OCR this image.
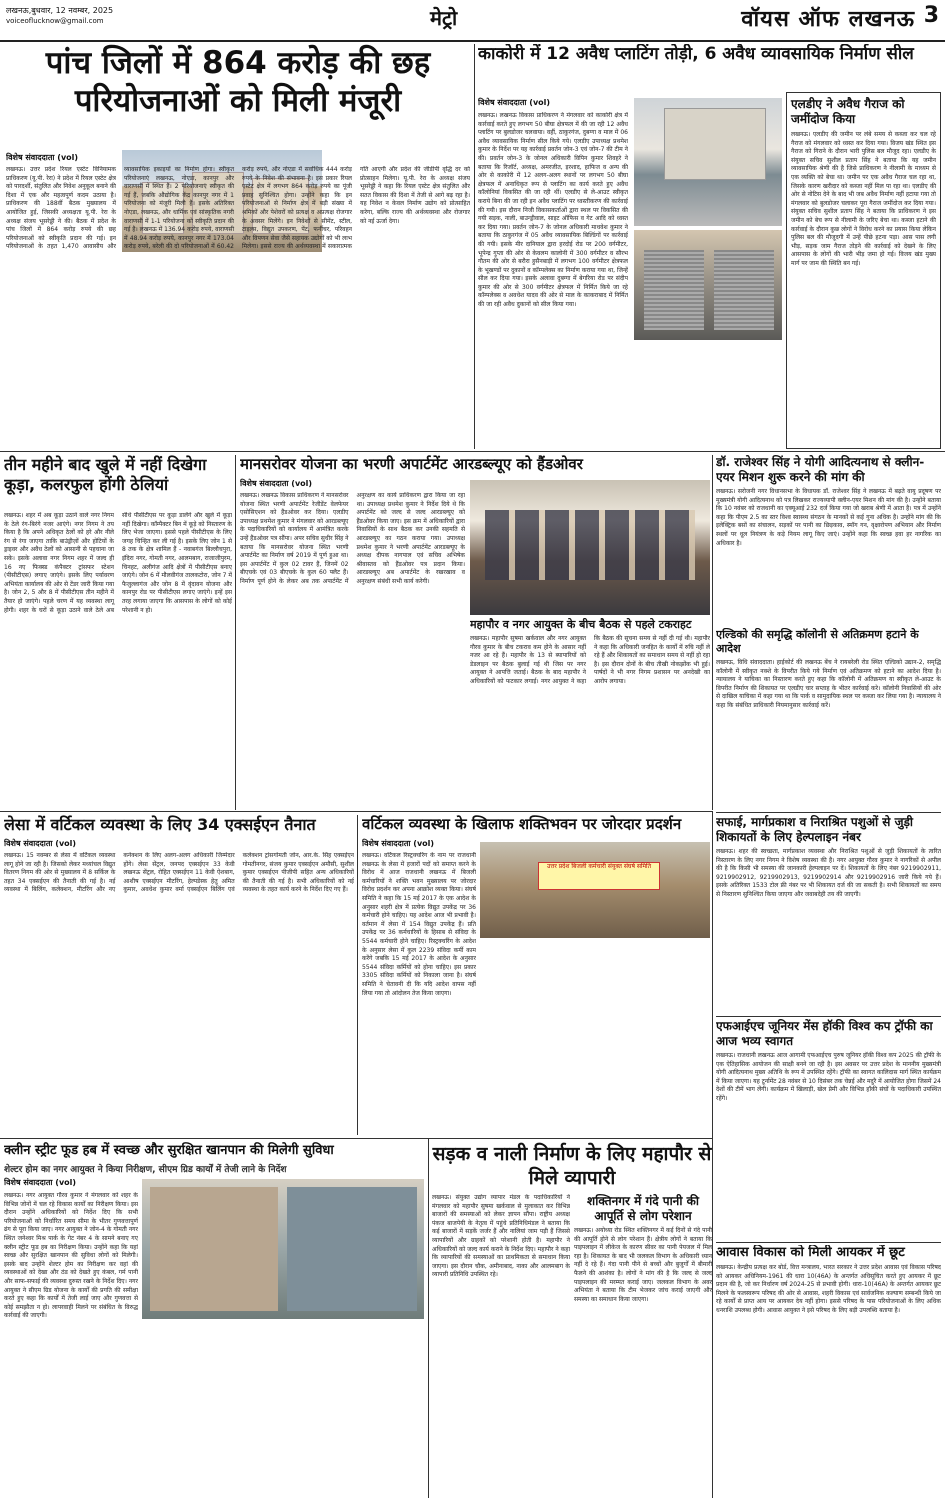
लखनऊ,बुधवार, 12 नवम्बर, 2025
voiceoflucknow@gmail.com	मेट्रो	वॉयस ऑफ लखनऊ 3
पांच जिलों में 864 करोड़ की छह परियोजनाओं को मिली मंजूरी
विशेष संवाददाता (vol)
लखनऊ। उत्तर प्रदेश रियल एस्टेट विनियामक प्राधिकरण (यू.पी. रेरा) ने प्रदेश में रियल एस्टेट क्षेत्र को पारदर्शी, संतुलित और निवेश अनुकूल बनाने की दिशा में एक और महत्वपूर्ण कदम उठाया है। प्राधिकरण की 188वीं बैठक मुख्यालय में आयोजित हुई, जिसकी अध्यक्षता यू.पी. रेरा के अध्यक्ष संजय भूसरेड्डी ने की। बैठक में प्रदेश के पांच जिलों में 864 करोड़ रुपये की छह परियोजनाओं को स्वीकृति प्रदान की गई। इन परियोजनाओं के तहत 1,470 आवासीय और व्यावसायिक इकाइयों का निर्माण होगा। स्वीकृत परियोजनाएं लखनऊ, नोएडा, कानपुर और वाराणसी में स्थित हैं। 2 परियोजनाएं स्वीकृत की गई हैं, जबकि औद्योगिक केंद्र कानपुर नगर में 1 परियोजना को मंजूरी मिली है। इसके अतिरिक्त नोएडा, लखनऊ, और धार्मिक एवं सांस्कृतिक नगरी वाराणसी में 1-1 परियोजना को स्वीकृति प्रदान की गई है। लखनऊ में 136.94 करोड़ रुपये, वाराणसी में 48.94 करोड़ रुपये, कानपुर नगर में 173.04 करोड़ रुपये, बरेली की दो परियोजनाओं में 60.42 करोड़ रुपये, और नोएडा में सर्वाधिक 444 करोड़ रुपये के निवेश की संभावना है। इस प्रकार रियल एस्टेट क्षेत्र में लगभग 864 करोड़ रुपये का पूंजी प्रवाह सुनिश्चित होगा। उन्होंने कहा कि इन परियोजनाओं से निर्माण क्षेत्र में बड़ी संख्या में श्रमिकों और पेशेवरों को प्रत्यक्ष व अप्रत्यक्ष रोजगार के अवसर मिलेंगे। इन निवेशों से सीमेंट, स्टील, टाइल्स, विद्युत उपकरण, पेंट, फर्नीचर, परिवहन और विपणन सेवा जैसे सहायक उद्योगों को भी लाभ मिलेगा। इससे राज्य की अर्थव्यवस्था में सकारात्मक गति आएगी और प्रदेश की जीडीपी वृद्धि दर को प्रोत्साहन मिलेगा। यू.पी. रेरा के अध्यक्ष संजय भूसरेड्डी ने कहा कि रियल एस्टेट क्षेत्र संतुलित और सतत विकास की दिशा में तेजी से आगे बढ़ रहा है। यह निवेश न केवल निर्माण उद्योग को प्रोत्साहित करेगा, बल्कि राज्य की अर्थव्यवस्था और रोजगार को नई ऊर्जा देगा।
काकोरी में 12 अवैध प्लाटिंग तोड़ी, 6 अवैध व्यावसायिक निर्माण सील
विशेष संवाददाता (vol)
लखनऊ। लखनऊ विकास प्राधिकरण ने मंगलवार को काकोरी क्षेत्र में कार्रवाई करते हुए लगभग 50 बीघा क्षेत्रफल में की जा रही 12 अवैध प्लाटिंग पर बुलडोजर चलवाया। वहीं, ठाकुरगंज, दुबग्गा व माल में 06 अवैध व्यावसायिक निर्माण सील किये गये। एलडीए उपाध्यक्ष प्रथमेश कुमार के निर्देश पर यह कार्रवाई प्रवर्तन जोन-3 एवं जोन-7 की टीम ने की। प्रवर्तन जोन-3 के जोनल अधिकारी विपिन कुमार शिवहरे ने बताया कि रिजॉर्ट, अध्यक्ष, अमरजीत, इरशाद, हाफिज व अन्य की ओर से काकोरी में 12 अलग-अलग स्थानों पर लगभग 50 बीघा क्षेत्रफल में अनाधिकृत रूप से प्लाटिंग का कार्य करते हुए अवैध कॉलोनियां विकसित की जा रही थीं। एलडीए से ले-आउट स्वीकृत कराये बिना की जा रही इन अवैध प्लाटिंग पर ध्वस्तीकरण की कार्रवाई की गयी। इस दौरान निजी विकासकर्ताओं द्वारा स्थल पर विकसित की गयी सड़क, नाली, बाउन्ड्रीवाल, साइट ऑफिस व गेट आदि को ध्वस्त कर दिया गया। प्रवर्तन जोन-7 के जोनल अधिकारी माधवेश कुमार ने बताया कि ठाकुरगंज में 05 अवैध व्यावसायिक बिल्डिंगों पर कार्रवाई की गयी। इसके मीर दानियाल द्वारा हरदोई रोड पर 200 वर्गमीटर, भूपेन्द्र गुप्ता की ओर से केवलम कालोनी में 300 वर्गमीटर व सौरभ गौतम की ओर से बरौरा हुसैनबाड़ी में लगभग 100 वर्गमीटर क्षेत्रफल के भूखण्डों पर दुकानों व कॉम्पलेक्स का निर्माण कराया गया था, जिन्हें सील कर दिया गया। इसके अलावा दुबग्गा में बेगरिया रोड पर संदीप कुमार की ओर से 300 वर्गमीटर क्षेत्रफल में निर्मित किये जा रहे कॉम्पलेक्स व अवधेश यादव की ओर से माल के काकराबाद में निर्मित की जा रही अवैध दुकानों को सील किया गया।
एलडीए ने अवैध गैराज को जमींदोज किया
लखनऊ। एलडीए की जमीन पर लंबे समय से कब्जा कर चल रहे गैराज को मंगलवार को ध्वस्त कर दिया गया। विजय खंड स्थित इस गैराज को गिराने के दौरान भारी पुलिस बल मौजूद रहा। एलडीए के संयुक्त सचिव सुशील प्रताप सिंह ने बताया कि यह जमीन व्यावसायिक श्रेणी की है जिसे प्राधिकरण ने नीलामी के माध्यम से एक व्यक्ति को बेचा था। जमीन पर एक अवैध गैराज चल रहा था, जिसके कारण खरीदार को कब्जा नहीं मिल पा रहा था। एलडीए की ओर से नोटिस देने के बाद भी जब अवैध निर्माण नहीं हटाया गया तो मंगलवार को बुलडोजर चलाकर पूरा गैराज जमींदोज कर दिया गया। संयुक्त सचिव सुशील प्रताप सिंह ने बताया कि प्राधिकरण ने इस जमीन को बेच रूप से नीलामी के जरिए बेचा था। कब्जा हटाने की कार्रवाई के दौरान कुछ लोगों ने विरोध करने का प्रयास किया लेकिन पुलिस बल की मौजूदगी में उन्हें पीछे हटना पड़ा। आस पास लगी भीड़, सड़क जाम गैराज तोड़ने की कार्रवाई को देखने के लिए आसपास के लोगों की भारी भीड़ जमा हो गई। विजय खंड मुख्य मार्ग पर जाम की स्थिति बन गई।
तीन महीने बाद खुले में नहीं दिखेगा कूड़ा, कलरफुल होंगी ठेलियां
लखनऊ। शहर में अब कूड़ा उठाने वाले नगर निगम के ठेले रंग-बिरंगे नजर आएंगे। नगर निगम ने तय किया है कि अपने अधिकृत ठेलों को हरे और नीले रंग से रंगा जाएगा ताकि बाउंड्रीज़ों और होटियों के ड्राइवर और अवैध ठेलों को आसानी से पहचाना जा सके। इसके अलावा नगर निगम शहर में जल्द ही 16 नए फिक्स्ड कंपैक्टर ट्रांसफर स्टेशन (पीसीटीएस) लगाए जाएंगे। इसके लिए पर्यावरण अभियंता कार्यालय की ओर से टेंडर जारी किया गया है। जोन 2, 5 और 8 में पीसीटीएस तीन महीने में तैयार हो जाएंगे। पहले चरण में यह व्यवस्था लागू होगी। शहर के घरों से कूड़ा उठाने वाले ठेले अब सीधे पीसीटीएस पर कूड़ा डालेंगे और खुले में कूड़ा नहीं दिखेगा। कॉम्पैक्टर बिन में कूड़े को निस्तारण के लिए भेजा जाएगा। इससे पहले पीसीटीएस के लिए जगह चिन्हित कर ली गई है। इसके लिए जोन 1 से 8 तक के क्षेत्र शामिल हैं - नवाबगंज बिल्लौचपुरा, इंदिरा नगर, गोमती नगर, आलमबाग, राजाजीपुरम, चिनहट, अलीगंज आदि क्षेत्रों में पीसीटीएस बनाए जाएंगे। जोन 6 में मौलवीगंज तालकटोरा, जोन 7 में फैजुल्लागंज और जोन 8 में वृंदावन योजना और कानपुर रोड पर पीसीटीएस लगाए जाएंगे। इन्हें इस तरह लगाया जाएगा कि आसपास के लोगों को कोई परेशानी न हो।
मानसरोवर योजना का भरणी अपार्टमेंट आरडब्ल्यूए को हैंडओवर
विशेष संवाददाता (vol)
लखनऊ। लखनऊ विकास प्राधिकरण ने मानसरोवर योजना स्थित भरणी अपार्टमेंट रेजीडेंट वेलफेयर एसोसिएशन को हैंडओवर कर दिया। एलडीए उपाध्यक्ष प्रथमेश कुमार ने मंगलवार को आरडब्ल्यूए के पदाधिकारियों को कार्यालय में आमंत्रित करके उन्हें हैंडओवर पत्र सौंपा। अपर सचिव सुधीर सिंह ने बताया कि मानसरोवर योजना स्थित भरणी अपार्टमेंट का निर्माण वर्ष 2019 में पूर्ण हुआ था। इस अपार्टमेंट में कुल 02 टावर हैं, जिनमें 02 बीएचके एवं 03 बीएचके के कुल 60 फ्लैट हैं। निर्माण पूर्ण होने के लेकर अब तक अपार्टमेंट में अनुरक्षण का कार्य प्राधिकरण द्वारा किया जा रहा था। उपाध्यक्ष प्रथमेश कुमार ने निर्देश दिये थे कि अपार्टमेंट को जल्द से जल्द आरडब्ल्यूए को हैंडओवर किया जाए। इस क्रम में अधिकारियों द्वारा निवासियों के साथ बैठक कर उनकी सहमति से आरडब्ल्यूए का गठन कराया गया। उपाध्यक्ष प्रथमेश कुमार ने भरणी अपार्टमेंट आरडब्ल्यूए के अध्यक्ष दीपक नागपाल एवं सचिव अभिषेक श्रीवास्तव को हैंडओवर पत्र प्रदान किया। आरडब्ल्यूए अब अपार्टमेंट के रखरखाव व अनुरक्षण संबंधी सभी कार्य करेगी।
डॉ. राजेश्वर सिंह ने योगी आदित्यनाथ से क्लीन-एयर मिशन शुरू करने की मांग की
लखनऊ। सरोजनी नगर विधानसभा के विधायक डॉ. राजेश्वर सिंह ने लखनऊ में बढ़ते वायु प्रदूषण पर मुख्यमंत्री योगी आदित्यनाथ को पत्र लिखकर राज्यव्यापी क्लीन-एयर मिशन की मांग की है। उन्होंने बताया कि 10 नवंबर को राजधानी का एक्यूआई 232 दर्ज किया गया जो खराब श्रेणी में आता है। पत्र में उन्होंने कहा कि पीएम 2.5 का स्तर विश्व स्वास्थ्य संगठन के मानकों से कई गुना अधिक है। उन्होंने मांग की कि इलेक्ट्रिक बसों का संचालन, सड़कों पर पानी का छिड़काव, स्मॉग गन, वृक्षारोपण अभियान और निर्माण स्थलों पर धूल नियंत्रण के कड़े नियम लागू किए जाएं। उन्होंने कहा कि स्वच्छ हवा हर नागरिक का अधिकार है।
एल्डिको की समृद्धि कॉलोनी से अतिक्रमण हटाने के आदेश
लखनऊ, विधि संवाददाता। हाईकोर्ट की लखनऊ बेंच ने रायबरेली रोड स्थित एल्डिको उद्यान-2, समृद्धि कॉलोनी में स्वीकृत नक्शे के विपरीत किये गये निर्माण एवं अतिक्रमण को हटाने का आदेश दिया है। न्यायालय ने याचिका का निस्तारण करते हुए कहा कि कॉलोनी में अतिक्रमण या स्वीकृत ले-आउट के विपरीत निर्माण की शिकायत पर एलडीए चार सप्ताह के भीतर कार्रवाई करे। कॉलोनी निवासियों की ओर से दाखिल याचिका में कहा गया था कि पार्क व सामुदायिक स्थल पर कब्जा कर लिया गया है। न्यायालय ने कहा कि संबंधित प्राधिकारी नियमानुसार कार्रवाई करें।
महापौर व नगर आयुक्त के बीच बैठक से पहले टकराहट
लखनऊ। महापौर सुषमा खर्कवाल और नगर आयुक्त गौरव कुमार के बीच टकराव कम होने के आसार नहीं नजर आ रहे हैं। महापौर के 13 से ब्यापारियों को डेडलाइन पर बैठक बुलाई गई थी जिस पर नगर आयुक्त ने आपत्ति जताई। बैठक के बाद महापौर ने अधिकारियों को फटकार लगाई। नगर आयुक्त ने कहा कि बैठक की सूचना समय से नहीं दी गई थी। महापौर ने कहा कि अधिकारी जनहित के कार्यों में रुचि नहीं ले रहे हैं और शिकायतों का समाधान समय से नहीं हो रहा है। इस दौरान दोनों के बीच तीखी नोकझोंक भी हुई। पार्षदों ने भी नगर निगम प्रशासन पर अनदेखी का आरोप लगाया।
लेसा में वर्टिकल व्यवस्था के लिए 34 एक्सईएन तैनात
विशेष संवाददाता (vol)
लखनऊ। 15 नवम्बर से लेसा में वर्टिकल व्यवस्था लागू होने जा रही है। जिसको लेकर मध्यांचल विद्युत वितरण निगम की ओर से मुख्यालय में 8 सर्किल के तहत 34 एक्सईएन की तैनाती की गई है। नई व्यवस्था में बिलिंग, कलेक्शन, मीटरिंग और नए कनेक्शन के लिए अलग-अलग अधिकारी जिम्मेदार होंगे। लेसा सेंट्रल, जनपद एक्सईएन 33 केवी लखनऊ सेंट्रल, रोहित एक्सईएन 11 केवी ऐशबाग, आशीष एक्सईएन मीटरिंग, हेल्पडेस्क हेतु अमित कुमार, अवधेश कुमार वर्मा एक्सईएन बिलिंग एवं कलेक्शन ट्रांसगोमती जोन, आर.के. सिंह एक्सईएन गोमतीनगर, संजय कुमार एक्सईएन अमौसी, सुशील कुमार एक्सईएन पीजीपी सहित अन्य अधिकारियों की तैनाती की गई है। सभी अधिकारियों को नई व्यवस्था के तहत कार्य करने के निर्देश दिए गए हैं।
वर्टिकल व्यवस्था के खिलाफ शक्तिभवन पर जोरदार प्रदर्शन
विशेष संवाददाता (vol)
उत्तर प्रदेश बिजली कर्मचारी संयुक्त संघर्ष समिति
लखनऊ। वर्टिकल रिस्ट्रक्चरिंग के नाम पर राजधानी लखनऊ के लेसा में हजारों पदों को समाप्त करने के विरोध में आज राजधानी लखनऊ में बिजली कर्मचारियों ने शक्ति भवन मुख्यालय पर जोरदार विरोध प्रदर्शन कर अपना आक्रोश व्यक्त किया। संघर्ष समिति ने कहा कि 15 मई 2017 के एक आदेश के अनुसार शहरी क्षेत्र में प्रत्येक विद्युत उपकेंद्र पर 36 कर्मचारी होने चाहिए। यह आदेश आज भी प्रभावी है। वर्तमान में लेसा में 154 विद्युत उपकेंद्र हैं। प्रति उपकेंद्र पर 36 कर्मचारियों के हिसाब से संविदा के 5544 कर्मचारी होने चाहिए। रिस्ट्रक्चरिंग के आदेश के अनुसार लेसा में कुल 2239 संविदा कर्मी काम करेंगे जबकि 15 मई 2017 के आदेश के अनुसार 5544 संविदा कर्मियों को होना चाहिए। इस प्रकार 3305 संविदा कर्मियों को निकाला जाना है। संघर्ष समिति ने चेतावनी दी कि यदि आदेश वापस नहीं लिया गया तो आंदोलन तेज किया जाएगा।
क्लीन स्ट्रीट फूड हब में स्वच्छ और सुरक्षित खानपान की मिलेगी सुविधा
शेल्टर होम का नगर आयुक्त ने किया निरीक्षण, सीएम ग्रिड कार्यों में तेजी लाने के निर्देश
विशेष संवाददाता (vol)
लखनऊ। नगर आयुक्त गौरव कुमार ने मंगलवार को शहर के विभिन्न जोनों में चल रहे विकास कार्यों का निरीक्षण किया। इस दौरान उन्होंने अधिकारियों को निर्देश दिए कि सभी परियोजनाओं को निर्धारित समय सीमा के भीतर गुणवत्तापूर्ण ढंग से पूरा किया जाए। नगर आयुक्त ने जोन-4 के गोमती नगर स्थित जनेश्वर मिश्र पार्क के गेट नंबर 4 के सामने बनाए गए क्लीन स्ट्रीट फूड हब का निरीक्षण किया। उन्होंने कहा कि यहां स्वच्छ और सुरक्षित खानपान की सुविधा लोगों को मिलेगी। इसके बाद उन्होंने शेल्टर होम का निरीक्षण कर वहां की व्यवस्थाओं को देखा और ठंड को देखते हुए कंबल, गर्म पानी और साफ-सफाई की व्यवस्था दुरुस्त रखने के निर्देश दिए। नगर आयुक्त ने सीएम ग्रिड योजना के कार्यों की प्रगति की समीक्षा करते हुए कहा कि कार्यों में तेजी लाई जाए और गुणवत्ता से कोई समझौता न हो। लापरवाही मिलने पर संबंधित के विरुद्ध कार्रवाई की जाएगी।
सड़क व नाली निर्माण के लिए महापौर से मिले व्यापारी
लखनऊ। संयुक्त उद्योग व्यापार मंडल के पदाधिकारियों ने मंगलवार को महापौर सुषमा खर्कवाल से मुलाकात कर विभिन्न बाजारों की समस्याओं को लेकर ज्ञापन सौंपा। राष्ट्रीय अध्यक्ष पंकज बाजपेयी के नेतृत्व में पहुंचे प्रतिनिधिमंडल ने बताया कि कई बाजारों में सड़कें जर्जर हैं और नालियां जाम पड़ी हैं जिससे व्यापारियों और ग्राहकों को परेशानी होती है। महापौर ने अधिकारियों को जल्द कार्य कराने के निर्देश दिए। महापौर ने कहा कि व्यापारियों की समस्याओं का प्राथमिकता से समाधान किया जाएगा। इस दौरान चौक, अमीनाबाद, नाका और आलमबाग के व्यापारी प्रतिनिधि उपस्थित रहे।
शक्तिनगर में गंदे पानी की आपूर्ति से लोग परेशान
लखनऊ। अयोध्या रोड स्थित शक्तिनगर में कई दिनों से गंदे पानी की आपूर्ति होने से लोग परेशान हैं। क्षेत्रीय लोगों ने बताया कि पाइपलाइन में लीकेज के कारण सीवर का पानी पेयजल में मिल रहा है। शिकायत के बाद भी जलकल विभाग के अधिकारी ध्यान नहीं दे रहे हैं। गंदा पानी पीने से बच्चों और बुजुर्गों में बीमारी फैलने की आशंका है। लोगों ने मांग की है कि जल्द से जल्द पाइपलाइन की मरम्मत कराई जाए। जलकल विभाग के अवर अभियंता ने बताया कि टीम भेजकर जांच कराई जाएगी और समस्या का समाधान किया जाएगा।
सफाई, मार्गप्रकाश व निराश्रित पशुओं से जुड़ी शिकायतों के लिए हेल्पलाइन नंबर
लखनऊ। शहर की स्वच्छता, मार्गप्रकाश व्यवस्था और निराश्रित पशुओं से जुड़ी शिकायतों के त्वरित निस्तारण के लिए नगर निगम ने विशेष व्यवस्था की है। नगर आयुक्त गौरव कुमार ने नागरिकों से अपील की है कि किसी भी समस्या की जानकारी हेल्पलाइन पर दें। शिकायतों के लिए नंबर 9219902911, 9219902912, 9219902913, 9219902914 और 9219902916 जारी किये गये हैं। इसके अतिरिक्त 1533 टोल फ्री नंबर पर भी शिकायत दर्ज की जा सकती है। सभी शिकायतों का समय से निस्तारण सुनिश्चित किया जाएगा और जवाबदेही तय की जाएगी।
एफआईएच जूनियर मेंस हॉकी विश्व कप ट्रॉफी का आज भव्य स्वागत
लखनऊ। राजधानी लखनऊ आज आगामी एफआईएच पुरुष जूनियर हॉकी विश्व कप 2025 की ट्रॉफी के एक ऐतिहासिक आयोजन की साक्षी बनने जा रही है। इस अवसर पर उत्तर प्रदेश के माननीय मुख्यमंत्री योगी आदित्यनाथ मुख्य अतिथि के रूप में उपस्थित रहेंगे। ट्रॉफी का स्वागत कालिदास मार्ग स्थित कार्यक्रम में किया जाएगा। यह टूर्नामेंट 28 नवंबर से 10 दिसंबर तक चेन्नई और मदुरै में आयोजित होगा जिसमें 24 देशों की टीमें भाग लेंगी। कार्यक्रम में खिलाड़ी, खेल प्रेमी और विभिन्न हॉकी संघों के पदाधिकारी उपस्थित रहेंगे।
आवास विकास को मिली आयकर में छूट
लखनऊ। केन्द्रीय प्रत्यक्ष कर बोर्ड, वित्त मन्त्रालय, भारत सरकार ने उत्तर प्रदेश आवास एवं विकास परिषद को आयकर अधिनियम-1961 की धारा 10(46A) के अन्तर्गत अधिसूचित करते हुए आयकर में छूट प्रदान की है, जो कर निर्धारण वर्ष 2024-25 से प्रभावी होगी। धारा-10(46A) के अन्तर्गत आयकर छूट मिलने के फलस्वरूप परिषद की ओर से आवास, शहरी विकास एवं सार्वजनिक कल्याण सम्बन्धी किये जा रहे कार्यों से प्राप्त आय पर आयकर देय नहीं होगा। इससे परिषद के पास परियोजनाओं के लिए अधिक धनराशि उपलब्ध होगी। आवास आयुक्त ने इसे परिषद के लिए बड़ी उपलब्धि बताया है।
